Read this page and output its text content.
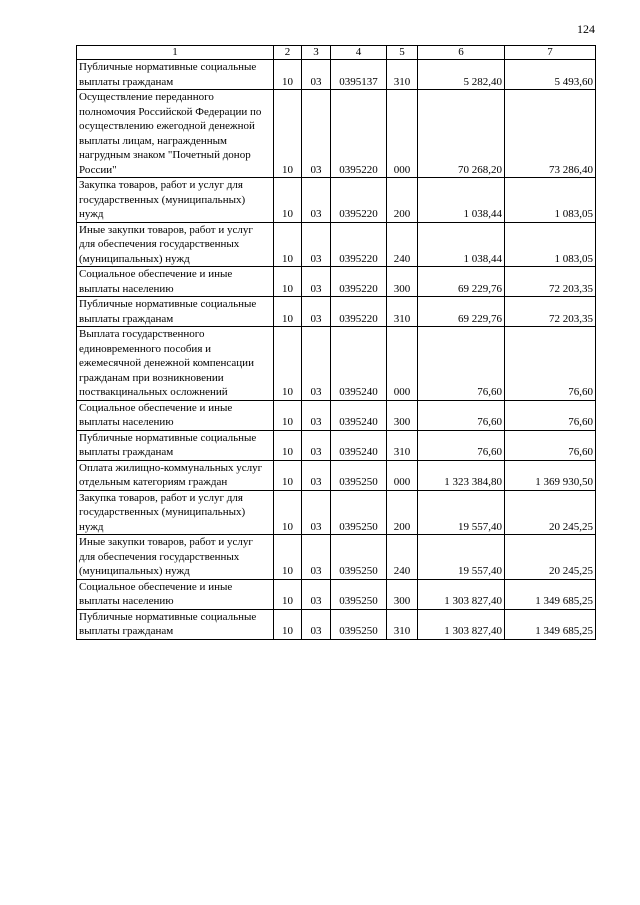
124
1	2	3	4	5	6	7
Публичные нормативные социальные выплаты гражданам	10	03	0395137	310	5 282,40	5 493,60
Осуществление переданного полномочия Российской Федерации по осуществлению ежегодной денежной выплаты лицам, награжденным нагрудным знаком "Почетный донор России"	10	03	0395220	000	70 268,20	73 286,40
Закупка товаров, работ и услуг для государственных (муниципальных) нужд	10	03	0395220	200	1 038,44	1 083,05
Иные закупки товаров, работ и услуг для обеспечения государственных (муниципальных) нужд	10	03	0395220	240	1 038,44	1 083,05
Социальное обеспечение и иные выплаты населению	10	03	0395220	300	69 229,76	72 203,35
Публичные нормативные социальные выплаты гражданам	10	03	0395220	310	69 229,76	72 203,35
Выплата государственного единовременного пособия и ежемесячной денежной компенсации гражданам при возникновении поствакцинальных осложнений	10	03	0395240	000	76,60	76,60
Социальное обеспечение и иные выплаты населению	10	03	0395240	300	76,60	76,60
Публичные нормативные социальные выплаты гражданам	10	03	0395240	310	76,60	76,60
Оплата жилищно-коммунальных услуг отдельным категориям граждан	10	03	0395250	000	1 323 384,80	1 369 930,50
Закупка товаров, работ и услуг для государственных (муниципальных) нужд	10	03	0395250	200	19 557,40	20 245,25
Иные закупки товаров, работ и услуг для обеспечения государственных (муниципальных) нужд	10	03	0395250	240	19 557,40	20 245,25
Социальное обеспечение и иные выплаты населению	10	03	0395250	300	1 303 827,40	1 349 685,25
Публичные нормативные социальные выплаты гражданам	10	03	0395250	310	1 303 827,40	1 349 685,25
